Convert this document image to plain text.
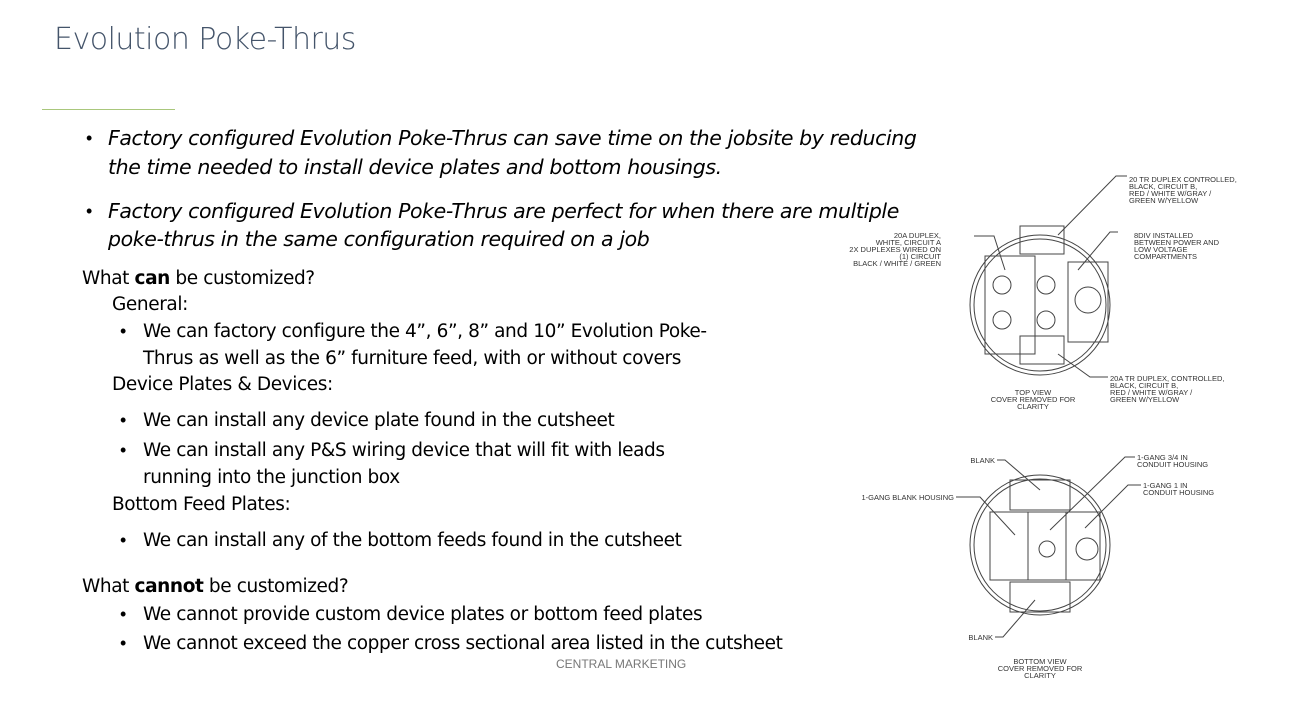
Evolution Poke-Thrus
• Factory configured Evolution Poke-Thrus can save time on the jobsite by reducing
the time needed to install device plates and bottom housings.
• Factory configured Evolution Poke-Thrus are perfect for when there are multiple
poke-thrus in the same configuration required on a job
What can be customized?
General:
• We can factory configure the 4”, 6”, 8” and 10” Evolution Poke-
Thrus as well as the 6” furniture feed, with or without covers
Device Plates & Devices:
• We can install any device plate found in the cutsheet
• We can install any P&S wiring device that will fit with leads
running into the junction box
Bottom Feed Plates:
• We can install any of the bottom feeds found in the cutsheet
What cannot be customized?
• We cannot provide custom device plates or bottom feed plates
• We cannot exceed the copper cross sectional area listed in the cutsheet
CENTRAL MARKETING
20 TR DUPLEX CONTROLLED,
BLACK, CIRCUIT B,
RED / WHITE W/GRAY /
GREEN W/YELLOW
20A DUPLEX,
WHITE, CIRCUIT A
2X DUPLEXES WIRED ON
(1) CIRCUIT
BLACK / WHITE / GREEN
8DIV INSTALLED
BETWEEN POWER AND
LOW VOLTAGE
COMPARTMENTS
20A TR DUPLEX, CONTROLLED,
BLACK, CIRCUIT B,
RED / WHITE W/GRAY /
GREEN W/YELLOW
TOP VIEW
COVER REMOVED FOR
CLARITY
BLANK	1-GANG 3/4 IN
CONDUIT HOUSING
1-GANG 1 IN
CONDUIT HOUSING
1-GANG BLANK HOUSING
BLANK
BOTTOM VIEW
COVER REMOVED FOR
CLARITY
